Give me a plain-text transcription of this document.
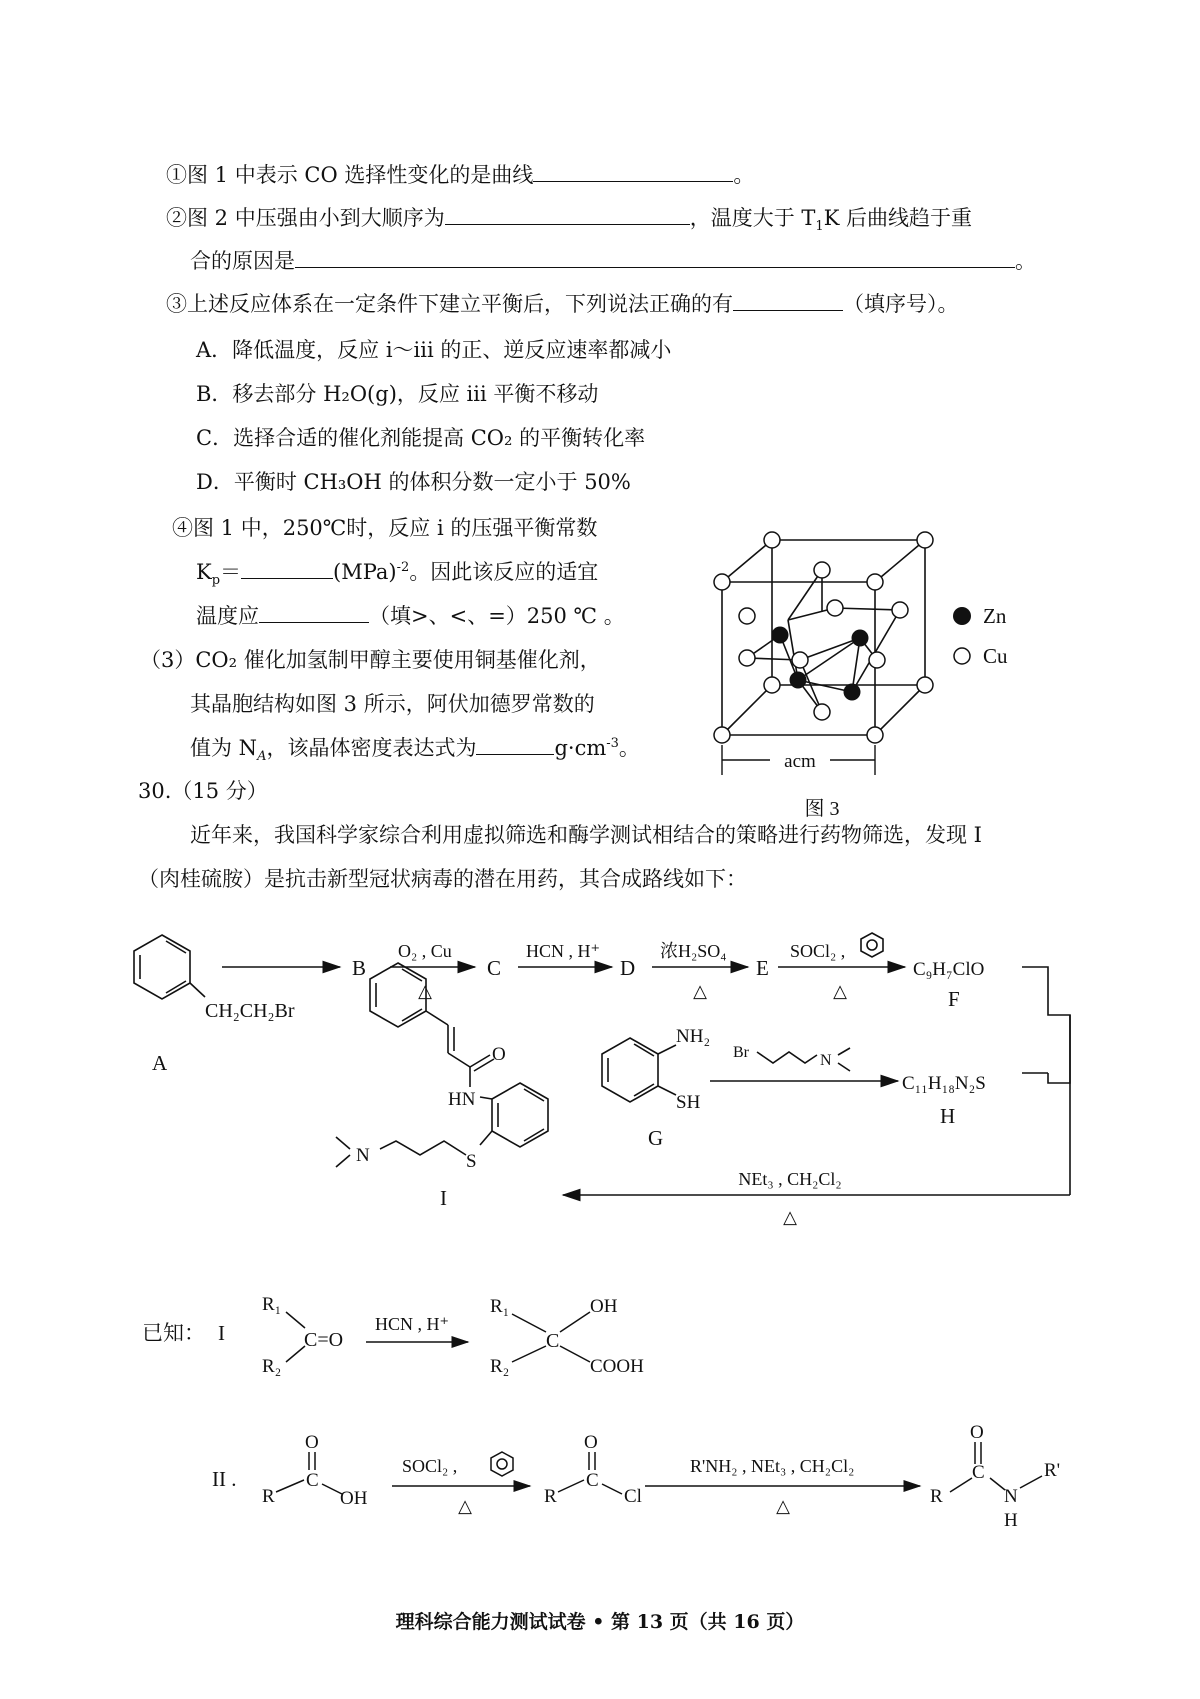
①图 1 中表示 CO 选择性变化的是曲线	。
②图 2 中压强由小到大顺序为	，温度大于 $T_1K$ 后曲线趋于重
合的原因是	。
③上述反应体系在一定条件下建立平衡后，下列说法正确的有	（填序号）。
A．降低温度，反应 i～iii 的正、逆反应速率都减小
B．移去部分 H₂O(g)，反应 iii 平衡不移动
C．选择合适的催化剂能提高 CO₂ 的平衡转化率
D．平衡时 CH₃OH 的体积分数一定小于 50%
④图 1 中，250℃时，反应 i 的压强平衡常数
$K_p=$	(MPa)$^{-2}$。因此该反应的适宜
温度应	（填>、<、=）250 ℃ 。
（3）CO₂ 催化加氢制甲醇主要使用铜基催化剂，
其晶胞结构如图 3 所示，阿伏加德罗常数的
值为 $N_A$，该晶体密度表达式为	$g\cdot cm^{-3}$。
acm
图 3
Zn
Cu
30.（15 分）
近年来，我国科学家综合利用虚拟筛选和酶学测试相结合的策略进行药物筛选，发现 I
（肉桂硫胺）是抗击新型冠状病毒的潜在用药，其合成路线如下：
CH₂CH₂Br
A
B
O₂ , Cu
△
C
HCN , H⁺
D
浓H₂SO₄
△
E
SOCl₂ ,
△
C₉H₇ClO
F
NH₂
SH
G
Br	N
C₁₁H₁₈N₂S
H
O
HN
S
N
I
NEt₃ , CH₂Cl₂
△
已知： I
R₁
R₂
C=O
HCN , H⁺
R₁
R₂
C
OH
COOH
II .
R
C
O
OH
SOCl₂ ,
△	R
C
O
Cl
R'NH₂ , NEt₃ , CH₂Cl₂
△	R
C
O
N
H
R'
理科综合能力测试试卷 • 第 13 页（共 16 页）
